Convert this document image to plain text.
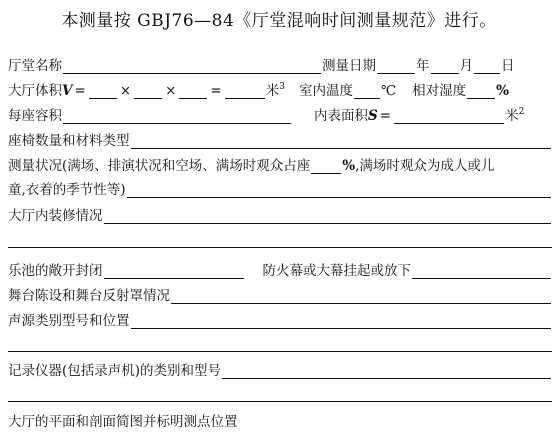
本测量按 GBJ76—84《厅堂混响时间测量规范》进行。
厅堂名称	测量日期	年 月 日
大厅体积 V =	×	×	=	米$^3$ 室内温度 ℃ 相对湿度 %
每座容积	内表面积 S =	米$^2$
座椅数量和材料类型
测量状况(满场、排演状况和空场、满场时观众占座 % ,满场时观众为成人或儿
童,衣着的季节性等)
大厅内装修情况
乐池的敞开封闭	防火幕或大幕挂起或放下
舞台陈设和舞台反射罩情况
声源类别型号和位置
记录仪器(包括录声机)的类别和型号
大厅的平面和剖面简图并标明测点位置
